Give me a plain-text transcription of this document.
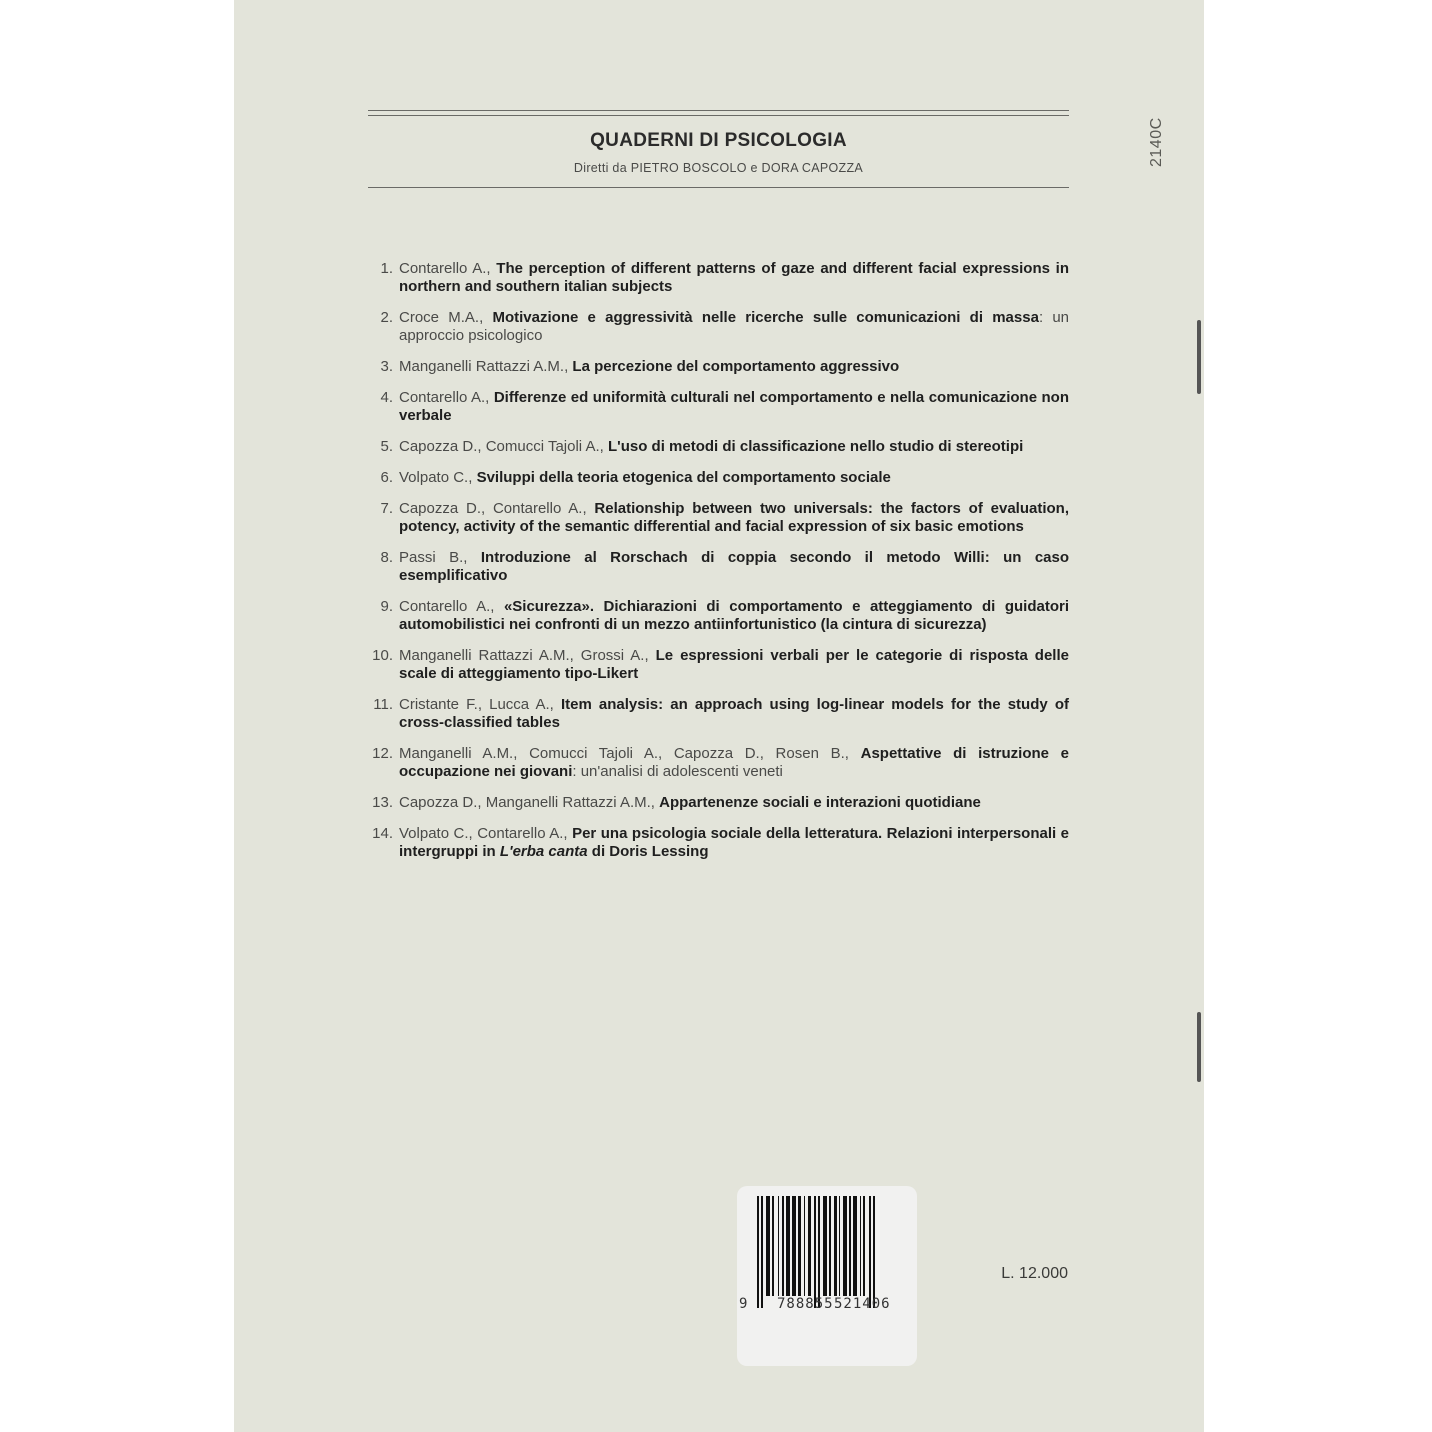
2140C
QUADERNI DI PSICOLOGIA
Diretti da PIETRO BOSCOLO e DORA CAPOZZA
1. Contarello A., The perception of different patterns of gaze and different facial expressions in northern and southern italian subjects
2. Croce M.A., Motivazione e aggressività nelle ricerche sulle comunicazioni di massa: un approccio psicologico
3. Manganelli Rattazzi A.M., La percezione del comportamento aggressivo
4. Contarello A., Differenze ed uniformità culturali nel comportamento e nella comunicazione non verbale
5. Capozza D., Comucci Tajoli A., L'uso di metodi di classificazione nello studio di stereotipi
6. Volpato C., Sviluppi della teoria etogenica del comportamento sociale
7. Capozza D., Contarello A., Relationship between two universals: the factors of evaluation, potency, activity of the semantic differential and facial expression of six basic emotions
8. Passi B., Introduzione al Rorschach di coppia secondo il metodo Willi: un caso esemplificativo
9. Contarello A., «Sicurezza». Dichiarazioni di comportamento e atteggiamento di guidatori automobilistici nei confronti di un mezzo antiinfortunistico (la cintura di sicurezza)
10. Manganelli Rattazzi A.M., Grossi A., Le espressioni verbali per le categorie di risposta delle scale di atteggiamento tipo-Likert
11. Cristante F., Lucca A., Item analysis: an approach using log-linear models for the study of cross-classified tables
12. Manganelli A.M., Comucci Tajoli A., Capozza D., Rosen B., Aspettative di istruzione e occupazione nei giovani: un'analisi di adolescenti veneti
13. Capozza D., Manganelli Rattazzi A.M., Appartenenze sociali e interazioni quotidiane
14. Volpato C., Contarello A., Per una psicologia sociale della letteratura. Relazioni interpersonali e intergruppi in L'erba canta di Doris Lessing
9 788855 521406
L. 12.000
